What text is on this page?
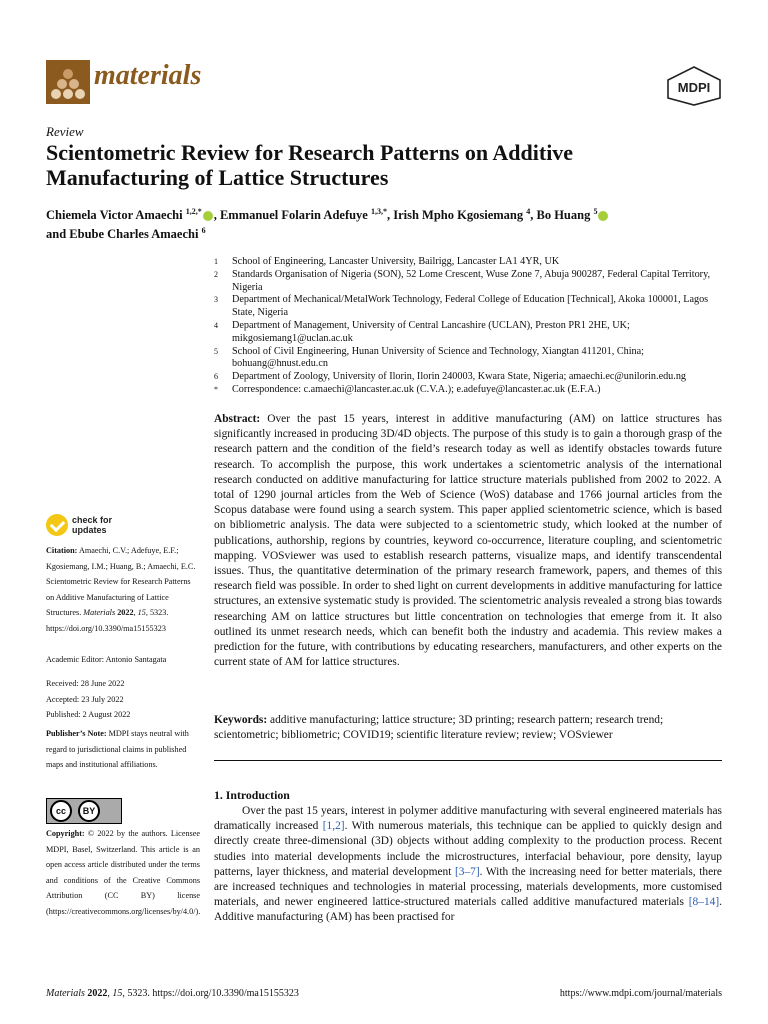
materials	MDPI
Review
Scientometric Review for Research Patterns on Additive Manufacturing of Lattice Structures
Chiemela Victor Amaechi $^{1,2,*}$ , Emmanuel Folarin Adefuye $^{1,3,*}$, Irish Mpho Kgosiemang $^4$, Bo Huang $^5$
and Ebube Charles Amaechi $^6$
1	School of Engineering, Lancaster University, Bailrigg, Lancaster LA1 4YR, UK
2	Standards Organisation of Nigeria (SON), 52 Lome Crescent, Wuse Zone 7, Abuja 900287, Federal Capital Territory, Nigeria
3	Department of Mechanical/MetalWork Technology, Federal College of Education [Technical], Akoka 100001, Lagos State, Nigeria
4	Department of Management, University of Central Lancashire (UCLAN), Preston PR1 2HE, UK; mikgosiemang1@uclan.ac.uk
5	School of Civil Engineering, Hunan University of Science and Technology, Xiangtan 411201, China; bohuang@hnust.edu.cn
6	Department of Zoology, University of Ilorin, Ilorin 240003, Kwara State, Nigeria; amaechi.ec@unilorin.edu.ng
*	Correspondence: c.amaechi@lancaster.ac.uk (C.V.A.); e.adefuye@lancaster.ac.uk (E.F.A.)

Abstract: Over the past 15 years, interest in additive manufacturing (AM) on lattice structures has significantly increased in producing 3D/4D objects. The purpose of this study is to gain a thorough grasp of the research pattern and the condition of the field’s research today as well as identify obstacles towards future research. To accomplish the purpose, this work undertakes a scientometric analysis of the international research conducted on additive manufacturing for lattice structure materials published from 2002 to 2022. A total of 1290 journal articles from the Web of Science (WoS) database and 1766 journal articles from the Scopus database were found using a search system. This paper applied scientometric science, which is based on bibliometric analysis. The data were subjected to a scientometric study, which looked at the number of publications, authorship, regions by countries, keyword co-occurrence, literature coupling, and scientometric mapping. VOSviewer was used to establish research patterns, visualize maps, and identify transcendental issues. Thus, the quantitative determination of the primary research framework, papers, and themes of this research field was possible. In order to shed light on current developments in additive manufacturing for lattice structures, an extensive systematic study is provided. The scientometric analysis revealed a strong bias towards researching AM on lattice structures but little concentration on technologies that emerge from it. It also outlined its unmet research needs, which can benefit both the industry and academia. This review makes a prediction for the future, with contributions by educating researchers, manufacturers, and other experts on the current state of AM for lattice structures.

Keywords: additive manufacturing; lattice structure; 3D printing; research pattern; research trend; scientometric; bibliometric; COVID19; scientific literature review; review; VOSviewer

1. Introduction

Over the past 15 years, interest in polymer additive manufacturing with several engineered materials has dramatically increased [1,2]. With numerous materials, this technique can be applied to quickly design and directly create three-dimensional (3D) objects without adding complexity to the production process. Recent studies into material developments include the microstructures, interfacial behaviour, pore density, layup patterns, layer thickness, and material development [3–7]. With the increasing need for better materials, there are increased techniques and technologies in material processing, materials developments, more customised materials, and newer engineered lattice-structured materials called additive manufactured materials [8–14]. Additive manufacturing (AM) has been practised for

check for
updates
Citation: Amaechi, C.V.; Adefuye, E.F.; Kgosiemang, I.M.; Huang, B.; Amaechi, E.C. Scientometric Review for Research Patterns on Additive Manufacturing of Lattice Structures. Materials 2022, 15, 5323. https://doi.org/10.3390/ma15155323
Academic Editor: Antonio Santagata
Received: 28 June 2022
Accepted: 23 July 2022
Published: 2 August 2022
Publisher’s Note: MDPI stays neutral with regard to jurisdictional claims in published maps and institutional affiliations.
cc	BY
Copyright: © 2022 by the authors. Licensee MDPI, Basel, Switzerland. This article is an open access article distributed under the terms and conditions of the Creative Commons Attribution (CC BY) license (https://creativecommons.org/licenses/by/4.0/).
Materials 2022, 15, 5323. https://doi.org/10.3390/ma15155323	https://www.mdpi.com/journal/materials
